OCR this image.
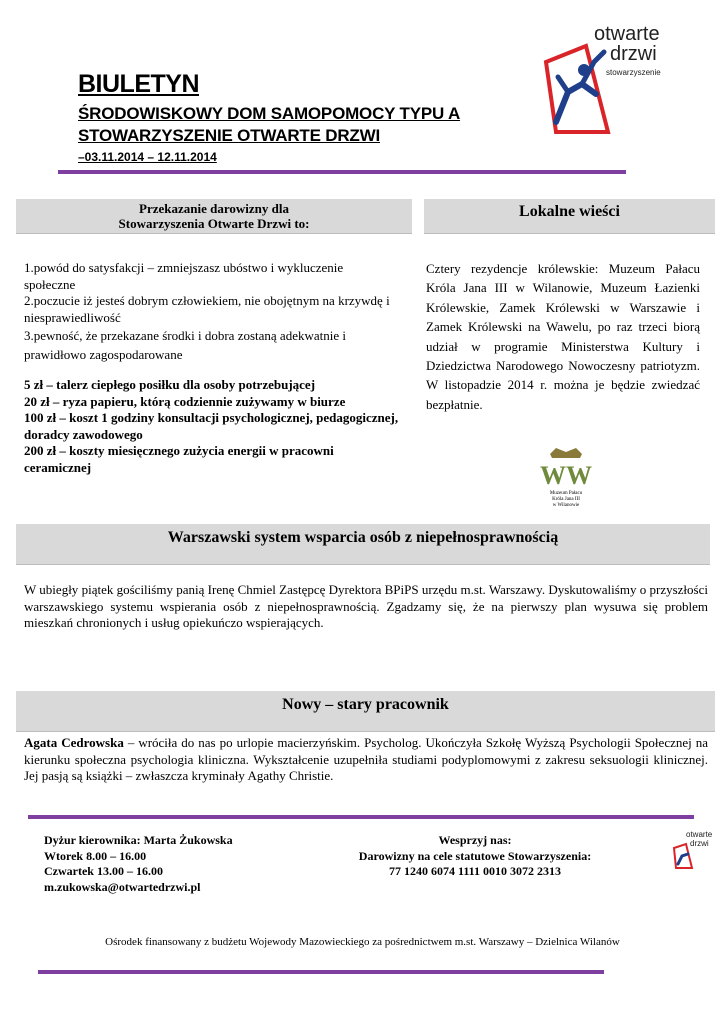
BIULETYN
ŚRODOWISKOWY DOM SAMOPOMOCY TYPU A
STOWARZYSZENIE OTWARTE DRZWI
–03.11.2014 – 12.11.2014
otwarte
drzwi
stowarzyszenie
Przekazanie darowizny dla
Stowarzyszenia Otwarte Drzwi to:
1.powód do satysfakcji – zmniejszasz ubóstwo i wykluczenie społeczne
2.poczucie iż jesteś dobrym człowiekiem, nie obojętnym na krzywdę i niesprawiedliwość
3.pewność, że przekazane środki i dobra zostaną adekwatnie i prawidłowo zagospodarowane
5 zł – talerz ciepłego posiłku dla osoby potrzebującej
20 zł – ryza papieru, którą codziennie zużywamy w biurze
100 zł – koszt 1 godziny konsultacji psychologicznej, pedagogicznej, doradcy zawodowego
200 zł – koszty miesięcznego zużycia energii w pracowni ceramicznej
Lokalne wieści
Cztery rezydencje królewskie: Muzeum Pałacu Króla Jana III w Wilanowie, Muzeum Łazienki Królewskie, Zamek Królewski w Warszawie i Zamek Królewski na Wawelu, po raz trzeci biorą udział w programie Ministerstwa Kultury i Dziedzictwa Narodowego Nowoczesny patriotyzm. W listopadzie 2014 r. można je będzie zwiedzać bezpłatnie.
WW
Muzeum Pałacu
Króla Jana III
w Wilanowie
Warszawski system wsparcia osób z niepełnosprawnością
W ubiegły piątek gościliśmy panią Irenę Chmiel Zastępcę Dyrektora BPiPS urzędu m.st. Warszawy. Dyskutowaliśmy o przyszłości warszawskiego systemu wspierania osób z niepełnosprawnością. Zgadzamy się, że na pierwszy plan wysuwa się problem mieszkań chronionych i usług opiekuńczo wspierających.
Nowy – stary pracownik
Agata Cedrowska – wróciła do nas po urlopie macierzyńskim. Psycholog. Ukończyła Szkołę Wyższą Psychologii Społecznej na kierunku społeczna psychologia kliniczna. Wykształcenie uzupełniła studiami podyplomowymi z zakresu seksuologii klinicznej. Jej pasją są książki – zwłaszcza kryminały Agathy Christie.
Dyżur kierownika: Marta Żukowska
Wtorek 8.00 – 16.00
Czwartek 13.00 – 16.00
m.zukowska@otwartedrzwi.pl
Wesprzyj nas:
Darowizny na cele statutowe Stowarzyszenia:
77 1240 6074 1111 0010 3072 2313
otwarte
drzwi
Ośrodek finansowany z budżetu Wojewody Mazowieckiego za pośrednictwem m.st. Warszawy – Dzielnica Wilanów
